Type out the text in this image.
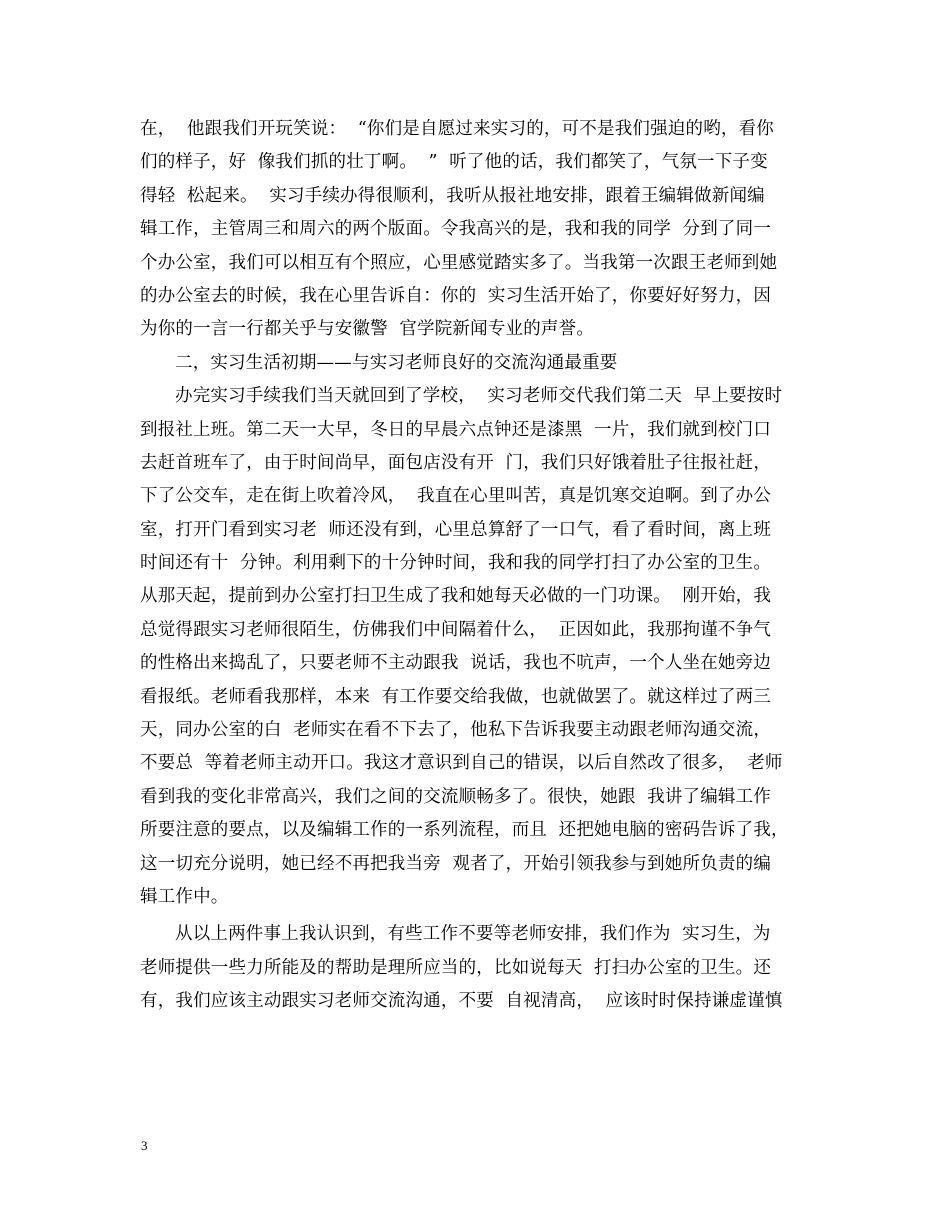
在，  他跟我们开玩笑说：  “你们是自愿过来实习的，可不是我们强迫的哟，看你
们的样子，好  像我们抓的壮丁啊。  ”  听了他的话，我们都笑了，气氛一下子变
得轻  松起来。  实习手续办得很顺利，我听从报社地安排，跟着王编辑做新闻编
辑工作，主管周三和周六的两个版面。令我高兴的是，我和我的同学  分到了同一
个办公室，我们可以相互有个照应，心里感觉踏实多了。当我第一次跟王老师到她
的办公室去的时候，我在心里告诉自：你的  实习生活开始了，你要好好努力，因
为你的一言一行都关乎与安徽警  官学院新闻专业的声誉。
二，实习生活初期——与实习老师良好的交流沟通最重要
办完实习手续我们当天就回到了学校，  实习老师交代我们第二天  早上要按时
到报社上班。第二天一大早，冬日的早晨六点钟还是漆黑  一片，我们就到校门口
去赶首班车了，由于时间尚早，面包店没有开  门，我们只好饿着肚子往报社赶，
下了公交车，走在街上吹着冷风，  我直在心里叫苦，真是饥寒交迫啊。到了办公
室，打开门看到实习老  师还没有到，心里总算舒了一口气，看了看时间，离上班
时间还有十  分钟。利用剩下的十分钟时间，我和我的同学打扫了办公室的卫生。
从那天起，提前到办公室打扫卫生成了我和她每天必做的一门功课。  刚开始，我
总觉得跟实习老师很陌生，仿佛我们中间隔着什么，  正因如此，我那拘谨不争气
的性格出来捣乱了，只要老师不主动跟我  说话，我也不吭声，一个人坐在她旁边
看报纸。老师看我那样，本来  有工作要交给我做，也就做罢了。就这样过了两三
天，同办公室的白  老师实在看不下去了，他私下告诉我要主动跟老师沟通交流，
不要总  等着老师主动开口。我这才意识到自己的错误，以后自然改了很多，  老师
看到我的变化非常高兴，我们之间的交流顺畅多了。很快，她跟  我讲了编辑工作
所要注意的要点，以及编辑工作的一系列流程，而且  还把她电脑的密码告诉了我，
这一切充分说明，她已经不再把我当旁  观者了，开始引领我参与到她所负责的编
辑工作中。
从以上两件事上我认识到，有些工作不要等老师安排，我们作为  实习生，为
老师提供一些力所能及的帮助是理所应当的，比如说每天  打扫办公室的卫生。还
有，我们应该主动跟实习老师交流沟通，不要  自视清高，  应该时时保持谦虚谨慎
3
